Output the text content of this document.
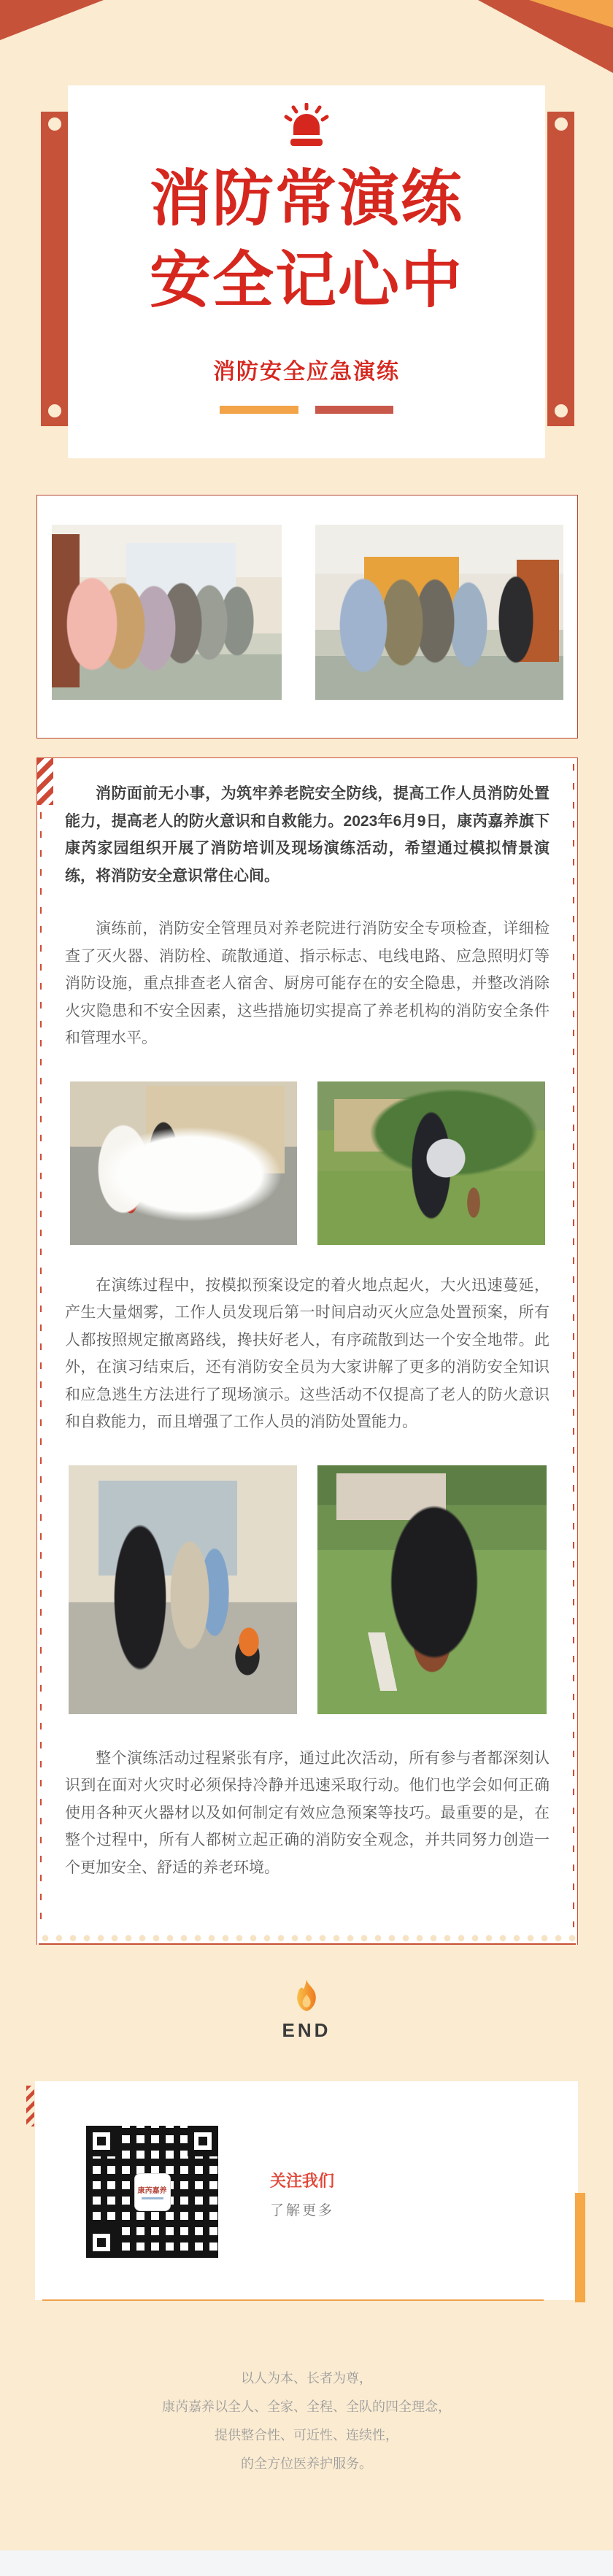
消防常演练
安全记心中
消防安全应急演练

消防面前无小事，为筑牢养老院安全防线，提高工作人员消防处置能力，提高老人的防火意识和自救能力。2023年6月9日，康芮嘉养旗下康芮家园组织开展了消防培训及现场演练活动，希望通过模拟情景演练，将消防安全意识常住心间。

演练前，消防安全管理员对养老院进行消防安全专项检查，详细检查了灭火器、消防栓、疏散通道、指示标志、电线电路、应急照明灯等消防设施，重点排查老人宿舍、厨房可能存在的安全隐患，并整改消除火灾隐患和不安全因素，这些措施切实提高了养老机构的消防安全条件和管理水平。

在演练过程中，按模拟预案设定的着火地点起火，大火迅速蔓延，产生大量烟雾，工作人员发现后第一时间启动灭火应急处置预案，所有人都按照规定撤离路线，搀扶好老人，有序疏散到达一个安全地带。此外，在演习结束后，还有消防安全员为大家讲解了更多的消防安全知识和应急逃生方法进行了现场演示。这些活动不仅提高了老人的防火意识和自救能力，而且增强了工作人员的消防处置能力。

整个演练活动过程紧张有序，通过此次活动，所有参与者都深刻认识到在面对火灾时必须保持冷静并迅速采取行动。他们也学会如何正确使用各种灭火器材以及如何制定有效应急预案等技巧。最重要的是，在整个过程中，所有人都树立起正确的消防安全观念，并共同努力创造一个更加安全、舒适的养老环境。

END
康芮嘉养
关注我们
了解更多
以人为本、长者为尊，
康芮嘉养以全人、全家、全程、全队的四全理念，
提供整合性、可近性、连续性，
的全方位医养护服务。
